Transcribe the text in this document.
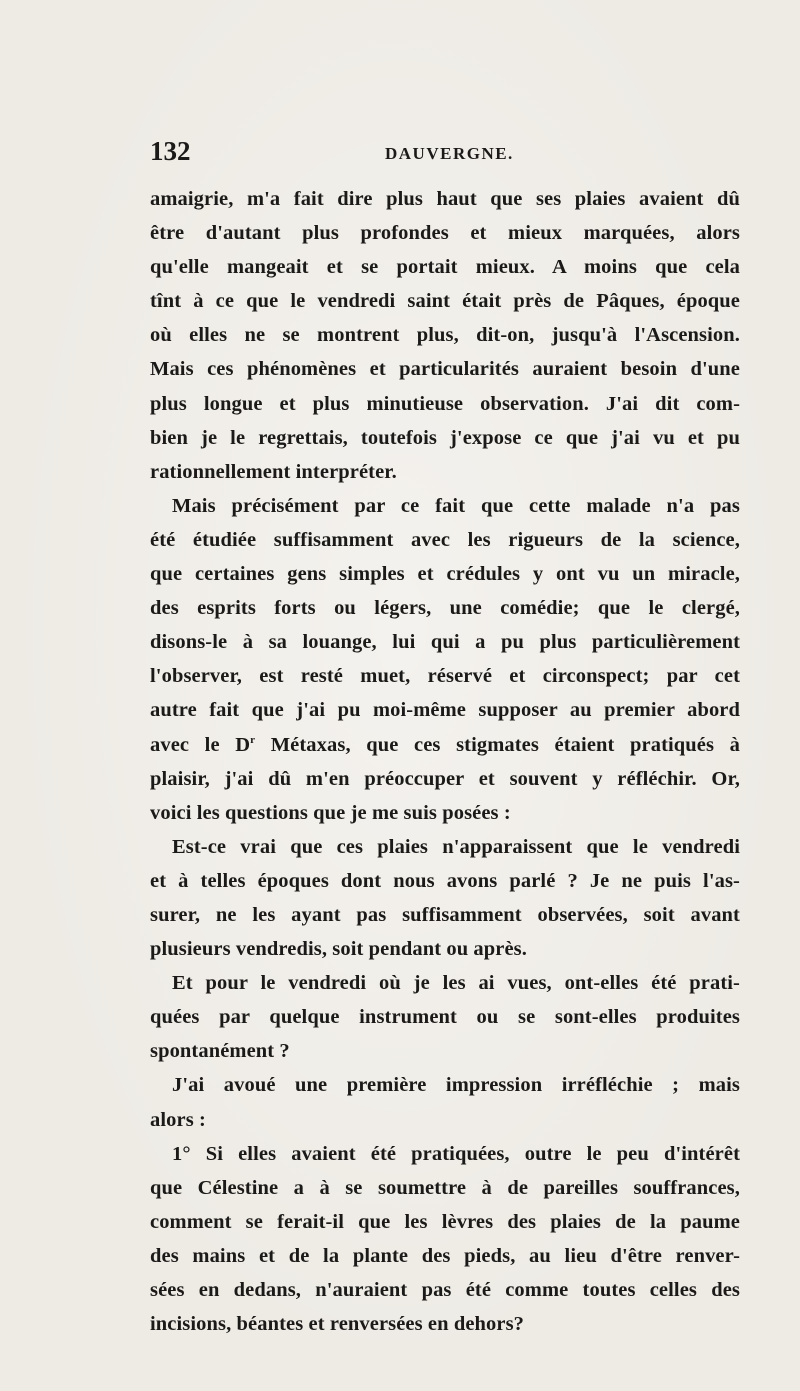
132	DAUVERGNE.
amaigrie, m'a fait dire plus haut que ses plaies avaient dû
être d'autant plus profondes et mieux marquées, alors
qu'elle mangeait et se portait mieux. A moins que cela
tînt à ce que le vendredi saint était près de Pâques, époque
où elles ne se montrent plus, dit-on, jusqu'à l'Ascension.
Mais ces phénomènes et particularités auraient besoin d'une
plus longue et plus minutieuse observation. J'ai dit com-
bien je le regrettais, toutefois j'expose ce que j'ai vu et pu
rationnellement interpréter.
Mais précisément par ce fait que cette malade n'a pas
été étudiée suffisamment avec les rigueurs de la science,
que certaines gens simples et crédules y ont vu un miracle,
des esprits forts ou légers, une comédie; que le clergé,
disons-le à sa louange, lui qui a pu plus particulièrement
l'observer, est resté muet, réservé et circonspect; par cet
autre fait que j'ai pu moi-même supposer au premier abord
avec le $D^r$ Métaxas, que ces stigmates étaient pratiqués à
plaisir, j'ai dû m'en préoccuper et souvent y réfléchir. Or,
voici les questions que je me suis posées :
Est-ce vrai que ces plaies n'apparaissent que le vendredi
et à telles époques dont nous avons parlé ? Je ne puis l'as-
surer, ne les ayant pas suffisamment observées, soit avant
plusieurs vendredis, soit pendant ou après.
Et pour le vendredi où je les ai vues, ont-elles été prati-
quées par quelque instrument ou se sont-elles produites
spontanément ?
J'ai avoué une première impression irréfléchie ; mais
alors :
1° Si elles avaient été pratiquées, outre le peu d'intérêt
que Célestine a à se soumettre à de pareilles souffrances,
comment se ferait-il que les lèvres des plaies de la paume
des mains et de la plante des pieds, au lieu d'être renver-
sées en dedans, n'auraient pas été comme toutes celles des
incisions, béantes et renversées en dehors?
